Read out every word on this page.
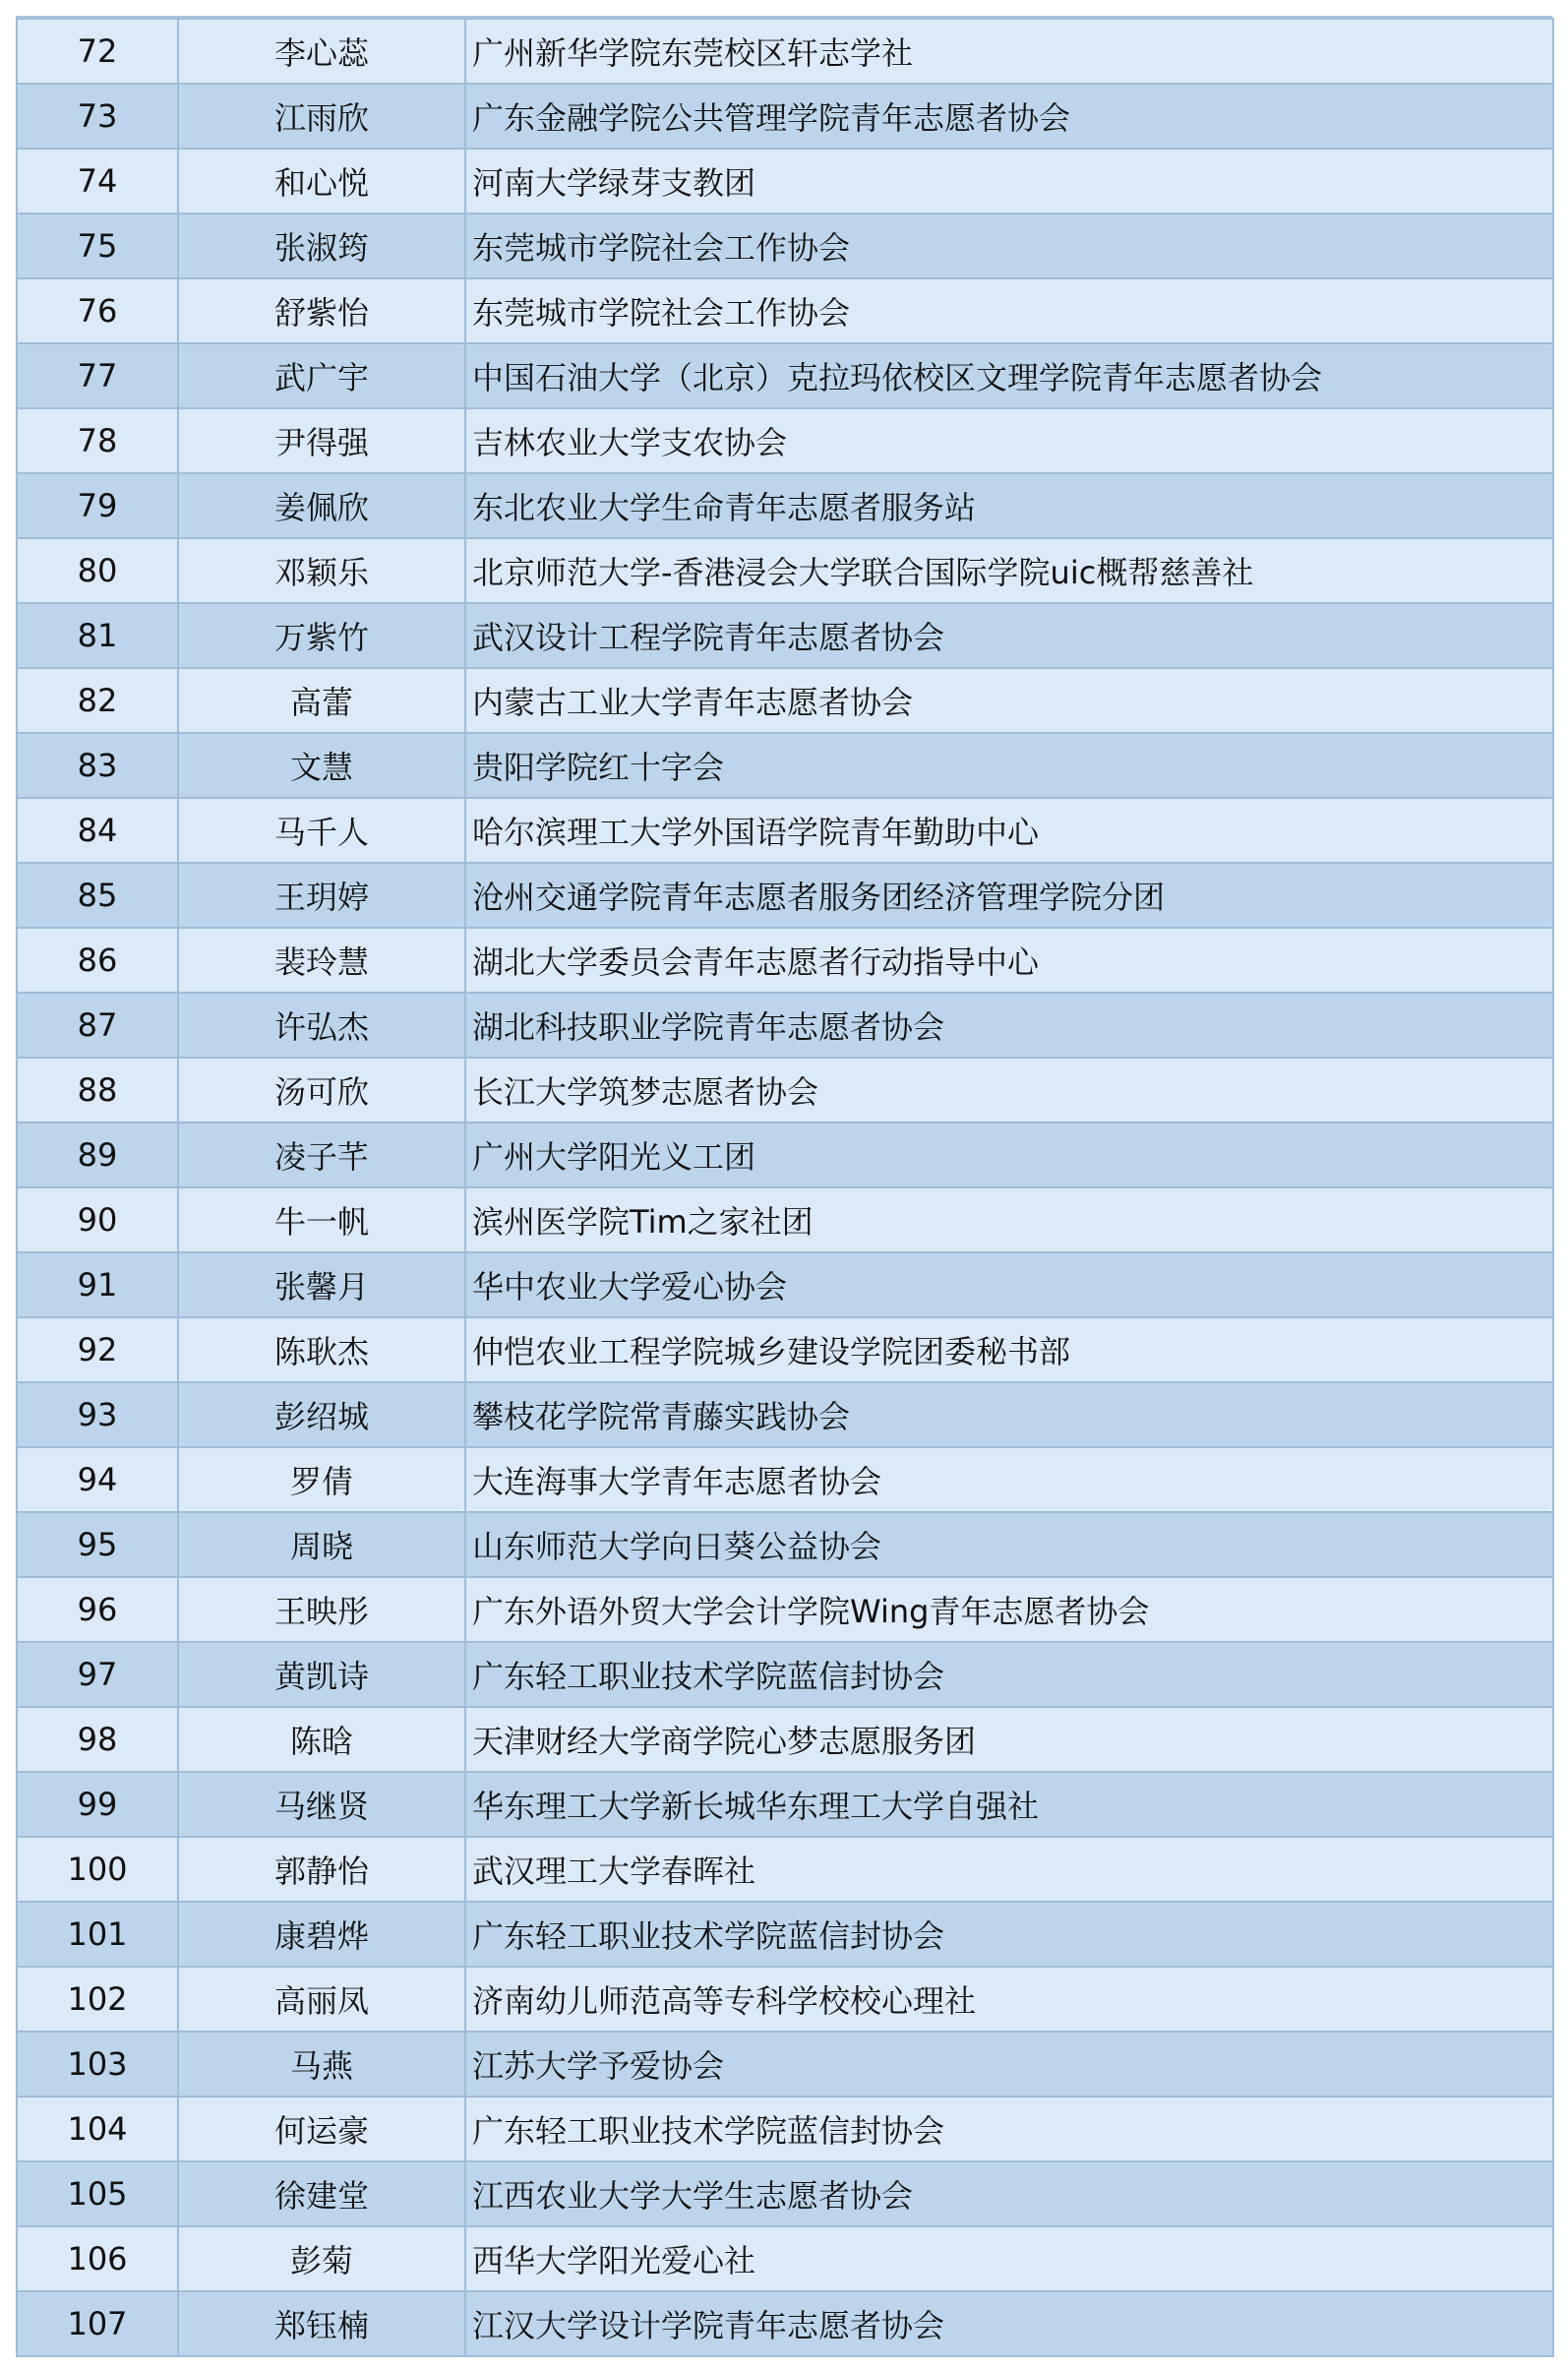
72	李心蕊	广州新华学院东莞校区轩志学社
73	江雨欣	广东金融学院公共管理学院青年志愿者协会
74	和心悦	河南大学绿芽支教团
75	张淑筠	东莞城市学院社会工作协会
76	舒紫怡	东莞城市学院社会工作协会
77	武广宇	中国石油大学（北京）克拉玛依校区文理学院青年志愿者协会
78	尹得强	吉林农业大学支农协会
79	姜佩欣	东北农业大学生命青年志愿者服务站
80	邓颖乐	北京师范大学-香港浸会大学联合国际学院uic概帮慈善社
81	万紫竹	武汉设计工程学院青年志愿者协会
82	高蕾	内蒙古工业大学青年志愿者协会
83	文慧	贵阳学院红十字会
84	马千人	哈尔滨理工大学外国语学院青年勤助中心
85	王玥婷	沧州交通学院青年志愿者服务团经济管理学院分团
86	裴玲慧	湖北大学委员会青年志愿者行动指导中心
87	许弘杰	湖北科技职业学院青年志愿者协会
88	汤可欣	长江大学筑梦志愿者协会
89	凌子芊	广州大学阳光义工团
90	牛一帆	滨州医学院Tim之家社团
91	张馨月	华中农业大学爱心协会
92	陈耿杰	仲恺农业工程学院城乡建设学院团委秘书部
93	彭绍城	攀枝花学院常青藤实践协会
94	罗倩	大连海事大学青年志愿者协会
95	周晓	山东师范大学向日葵公益协会
96	王映彤	广东外语外贸大学会计学院Wing青年志愿者协会
97	黄凯诗	广东轻工职业技术学院蓝信封协会
98	陈晗	天津财经大学商学院心梦志愿服务团
99	马继贤	华东理工大学新长城华东理工大学自强社
100	郭静怡	武汉理工大学春晖社
101	康碧烨	广东轻工职业技术学院蓝信封协会
102	高丽凤	济南幼儿师范高等专科学校校心理社
103	马燕	江苏大学予爱协会
104	何运豪	广东轻工职业技术学院蓝信封协会
105	徐建堂	江西农业大学大学生志愿者协会
106	彭菊	西华大学阳光爱心社
107	郑钰楠	江汉大学设计学院青年志愿者协会
